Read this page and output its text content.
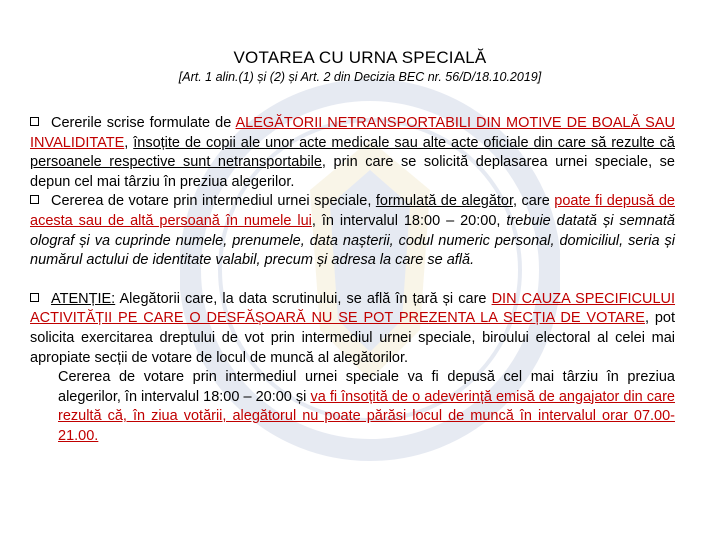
VOTAREA CU URNA SPECIALĂ
[Art. 1 alin.(1) și (2) și Art. 2 din Decizia BEC nr. 56/D/18.10.2019]

Cererile scrise formulate de ALEGĂTORII NETRANSPORTABILI DIN MOTIVE DE BOALĂ SAU INVALIDITATE, însoțite de copii ale unor acte medicale sau alte acte oficiale din care să rezulte că persoanele respective sunt netransportabile, prin care se solicită deplasarea urnei speciale, se depun cel mai târziu în preziua alegerilor.

Cererea de votare prin intermediul urnei speciale, formulată de alegător, care poate fi depusă de acesta sau de altă persoană în numele lui, în intervalul 18:00 – 20:00, trebuie datată și semnată olograf și va cuprinde numele, prenumele, data nașterii, codul numeric personal, domiciliul, seria și numărul actului de identitate valabil, precum și adresa la care se află.

ATENȚIE: Alegătorii care, la data scrutinului, se află în țară și care DIN CAUZA SPECIFICULUI ACTIVITĂȚII PE CARE O DESFĂȘOARĂ NU SE POT PREZENTA LA SECȚIA DE VOTARE, pot solicita exercitarea dreptului de vot prin intermediul urnei speciale, biroului electoral al celei mai apropiate secții de votare de locul de muncă al alegătorilor.

Cererea de votare prin intermediul urnei speciale va fi depusă cel mai târziu în preziua alegerilor, în intervalul 18:00 – 20:00 și va fi însoțită de o adeverință emisă de angajator din care rezultă că, în ziua votării, alegătorul nu poate părăsi locul de muncă în intervalul orar 07.00-21.00.
